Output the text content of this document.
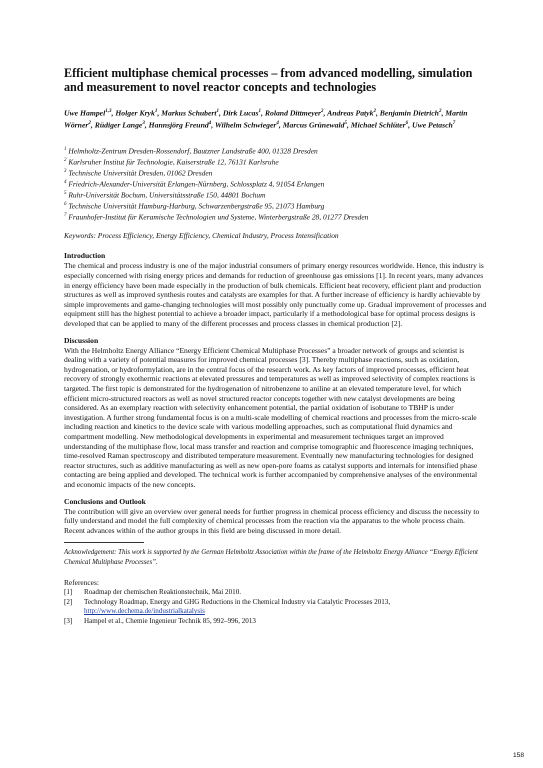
Efficient multiphase chemical processes – from advanced modelling, simulation and measurement to novel reactor concepts and technologies

Uwe Hampel$^{1,3}$, Holger Kryk$^1$, Markus Schubert$^1$, Dirk Lucas$^1$, Roland Dittmeyer$^2$, Andreas Patyk$^2$, Benjamin Dietrich$^2$, Martin Wörner$^2$, Rüdiger Lange$^3$, Hannsjörg Freund$^4$, Wilhelm Schwieger$^4$, Marcus Grünewald$^5$, Michael Schlüter$^6$, Uwe Petasch$^7$

$^1$ Helmholtz-Zentrum Dresden-Rossendorf, Bautzner Landstraße 400, 01328 Dresden
$^2$ Karlsruher Institut für Technologie, Kaiserstraße 12, 76131 Karlsruhe
$^3$ Technische Universität Dresden, 01062 Dresden
$^4$ Friedrich-Alexander-Universität Erlangen-Nürnberg, Schlossplatz 4, 91054 Erlangen
$^5$ Ruhr-Universität Bochum, Universitätsstraße 150, 44801 Bochum
$^6$ Technische Universität Hamburg-Harburg, Schwarzenbergstraße 95, 21073 Hamburg
$^7$ Fraunhofer-Institut für Keramische Technologien und Systeme, Winterbergstraße 28, 01277 Dresden

Keywords: Process Efficiency, Energy Efficiency, Chemical Industry, Process Intensification

Introduction

The chemical and process industry is one of the major industrial consumers of primary energy resources worldwide. Hence, this industry is especially concerned with rising energy prices and demands for reduction of greenhouse gas emissions [1]. In recent years, many advances in energy efficiency have been made especially in the production of bulk chemicals. Efficient heat recovery, efficient plant and production structures as well as improved synthesis routes and catalysts are examples for that. A further increase of efficiency is hardly achievable by simple improvements and game-changing technologies will most possibly only punctually come up. Gradual improvement of processes and equipment still has the highest potential to achieve a broader impact, particularly if a methodological base for optimal process designs is developed that can be applied to many of the different processes and process classes in chemical production [2].

Discussion

With the Helmholtz Energy Alliance “Energy Efficient Chemical Multiphase Processes” a broader network of groups and scientist is dealing with a variety of potential measures for improved chemical processes [3]. Thereby multiphase reactions, such as oxidation, hydrogenation, or hydroformylation, are in the central focus of the research work. As key factors of improved processes, efficient heat recovery of strongly exothermic reactions at elevated pressures and temperatures as well as improved selectivity of complex reactions is targeted. The first topic is demonstrated for the hydrogenation of nitrobenzene to aniline at an elevated temperature level, for which efficient micro-structured reactors as well as novel structured reactor concepts together with new catalyst developments are being considered. As an exemplary reaction with selectivity enhancement potential, the partial oxidation of isobutane to TBHP is under investigation. A further strong fundamental focus is on a multi-scale modelling of chemical reactions and processes from the micro-scale including reaction and kinetics to the device scale with various modelling approaches, such as computational fluid dynamics and compartment modelling. New methodological developments in experimental and measurement techniques target an improved understanding of the multiphase flow, local mass transfer and reaction and comprise tomographic and fluorescence imaging techniques, time-resolved Raman spectroscopy and distributed temperature measurement. Eventually new manufacturing technologies for designed reactor structures, such as additive manufacturing as well as new open-pore foams as catalyst supports and internals for intensified phase contacting are being applied and developed. The technical work is further accompanied by comprehensive analyses of the environmental and economic impacts of the new concepts.

Conclusions and Outlook

The contribution will give an overview over general needs for further progress in chemical process efficiency and discuss the necessity to fully understand and model the full complexity of chemical processes from the reaction via the apparatus to the whole process chain. Recent advances within of the author groups in this field are being discussed in more detail.

Acknowledgement: This work is supported by the German Helmholtz Association within the frame of the Helmholtz Energy Alliance “Energy Efficient Chemical Multiphase Processes”.

References:

[1]	Roadmap der chemischen Reaktionstechnik, Mai 2010.
[2]	Technology Roadmap, Energy and GHG Reductions in the Chemical Industry via Catalytic Processes 2013,
http://www.dechema.de/industrialkatalysis
[3]	Hampel et al., Chemie Ingenieur Technik 85, 992–996, 2013
158
